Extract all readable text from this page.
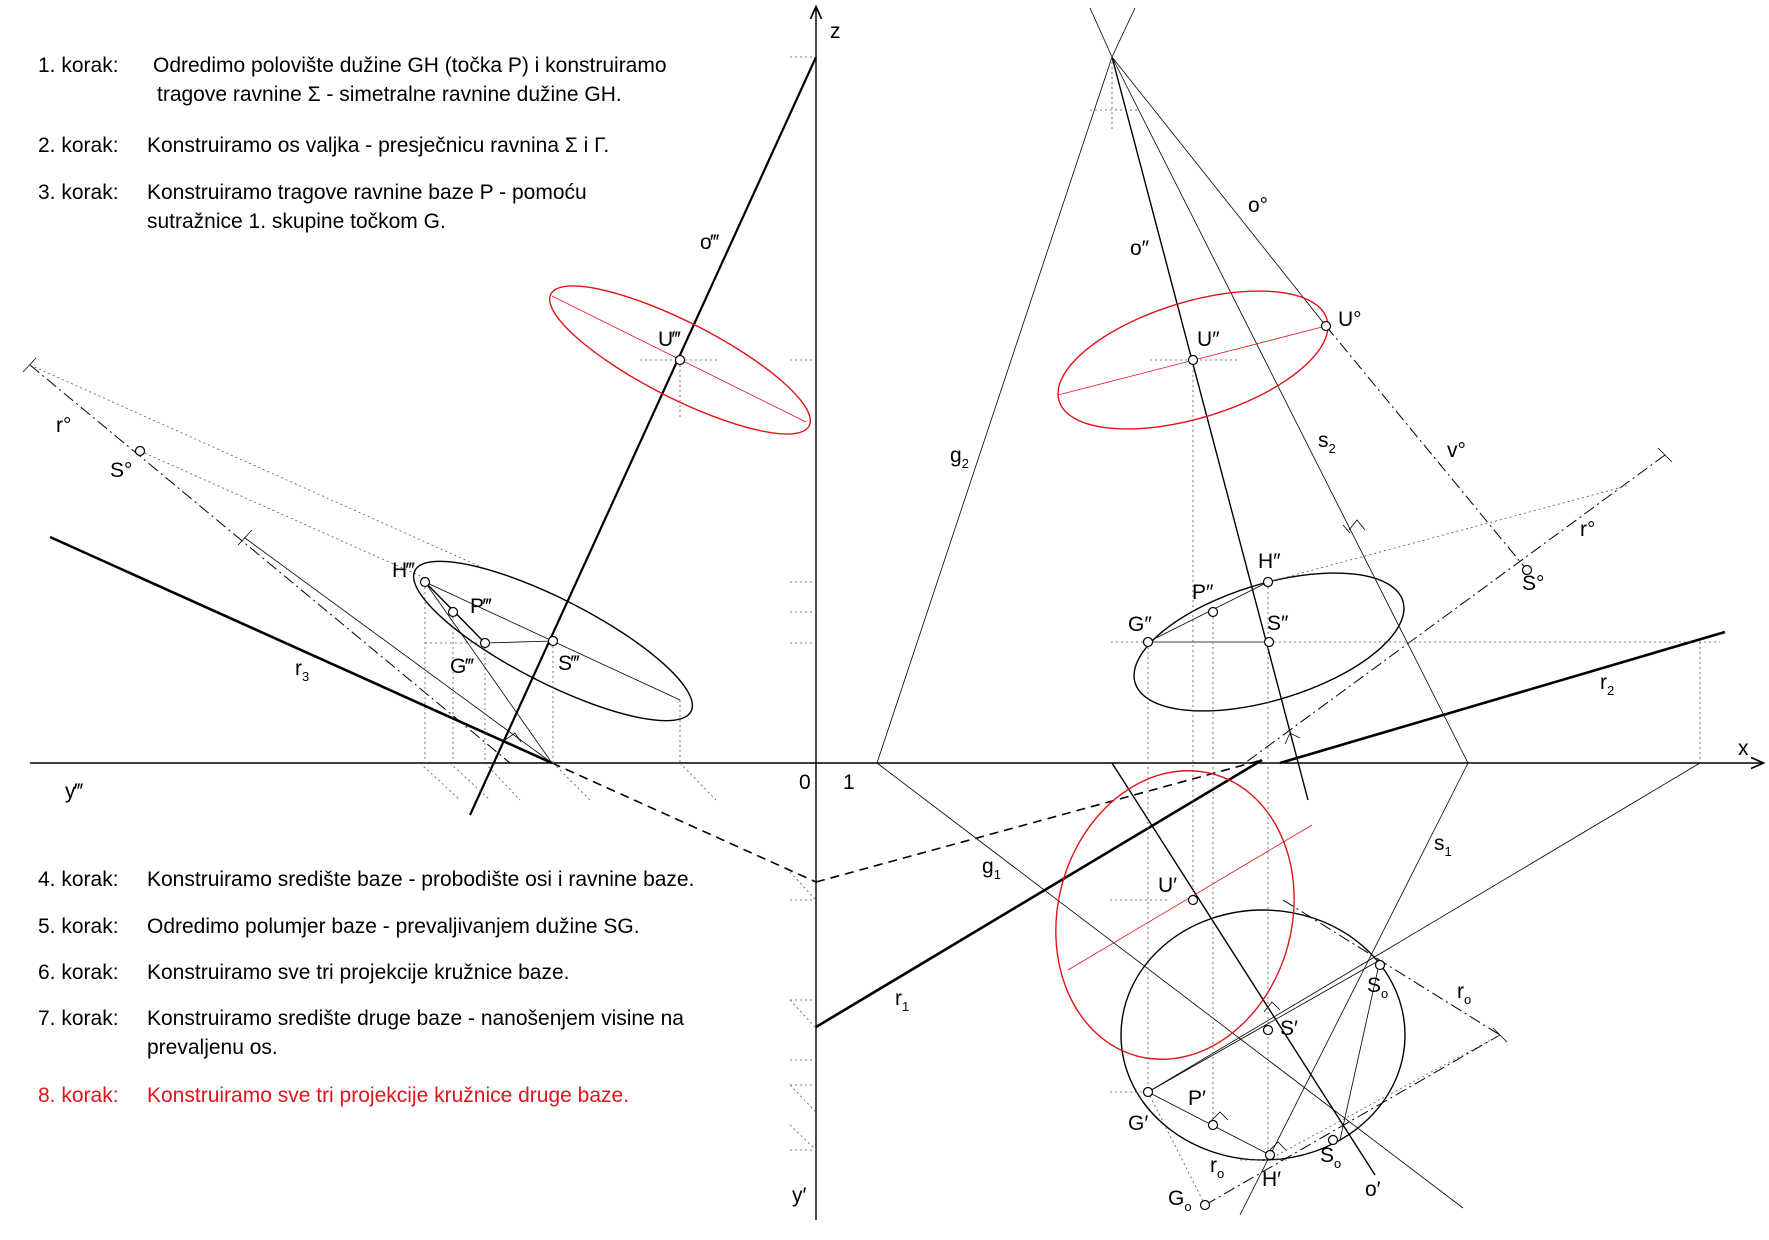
1. korak: Odredimo polovište dužine GH (točka P) i konstruiramo
tragove ravnine Σ - simetralne ravnine dužine GH.
2. korak: Konstruiramo os valjka - presječnicu ravnina Σ i Γ.
3. korak: Konstruiramo tragove ravnine baze Ρ - pomoću
sutražnice 1. skupine točkom G.
z
x
y‴
y′
0 1
o‴	o″
o°
o′
U‴	U″
U°
U′
H‴
P‴
G‴	S‴
H″
P″
G″	S″
S′
P′
G′
H′
S°
S°
$S_o$
$S_o$
$G_o$
r°
r°
$r_o$
$r_o$
$r_1$
$r_2$
$r_3$
$g_1$
$g_2$
$s_1$
$s_2$	v°
4. korak: Konstruiramo središte baze - probodište osi i ravnine baze.
5. korak: Odredimo polumjer baze - prevaljivanjem dužine SG.
6. korak: Konstruiramo sve tri projekcije kružnice baze.
7. korak: Konstruiramo središte druge baze - nanošenjem visine na
prevaljenu os.
8. korak: Konstruiramo sve tri projekcije kružnice druge baze.
